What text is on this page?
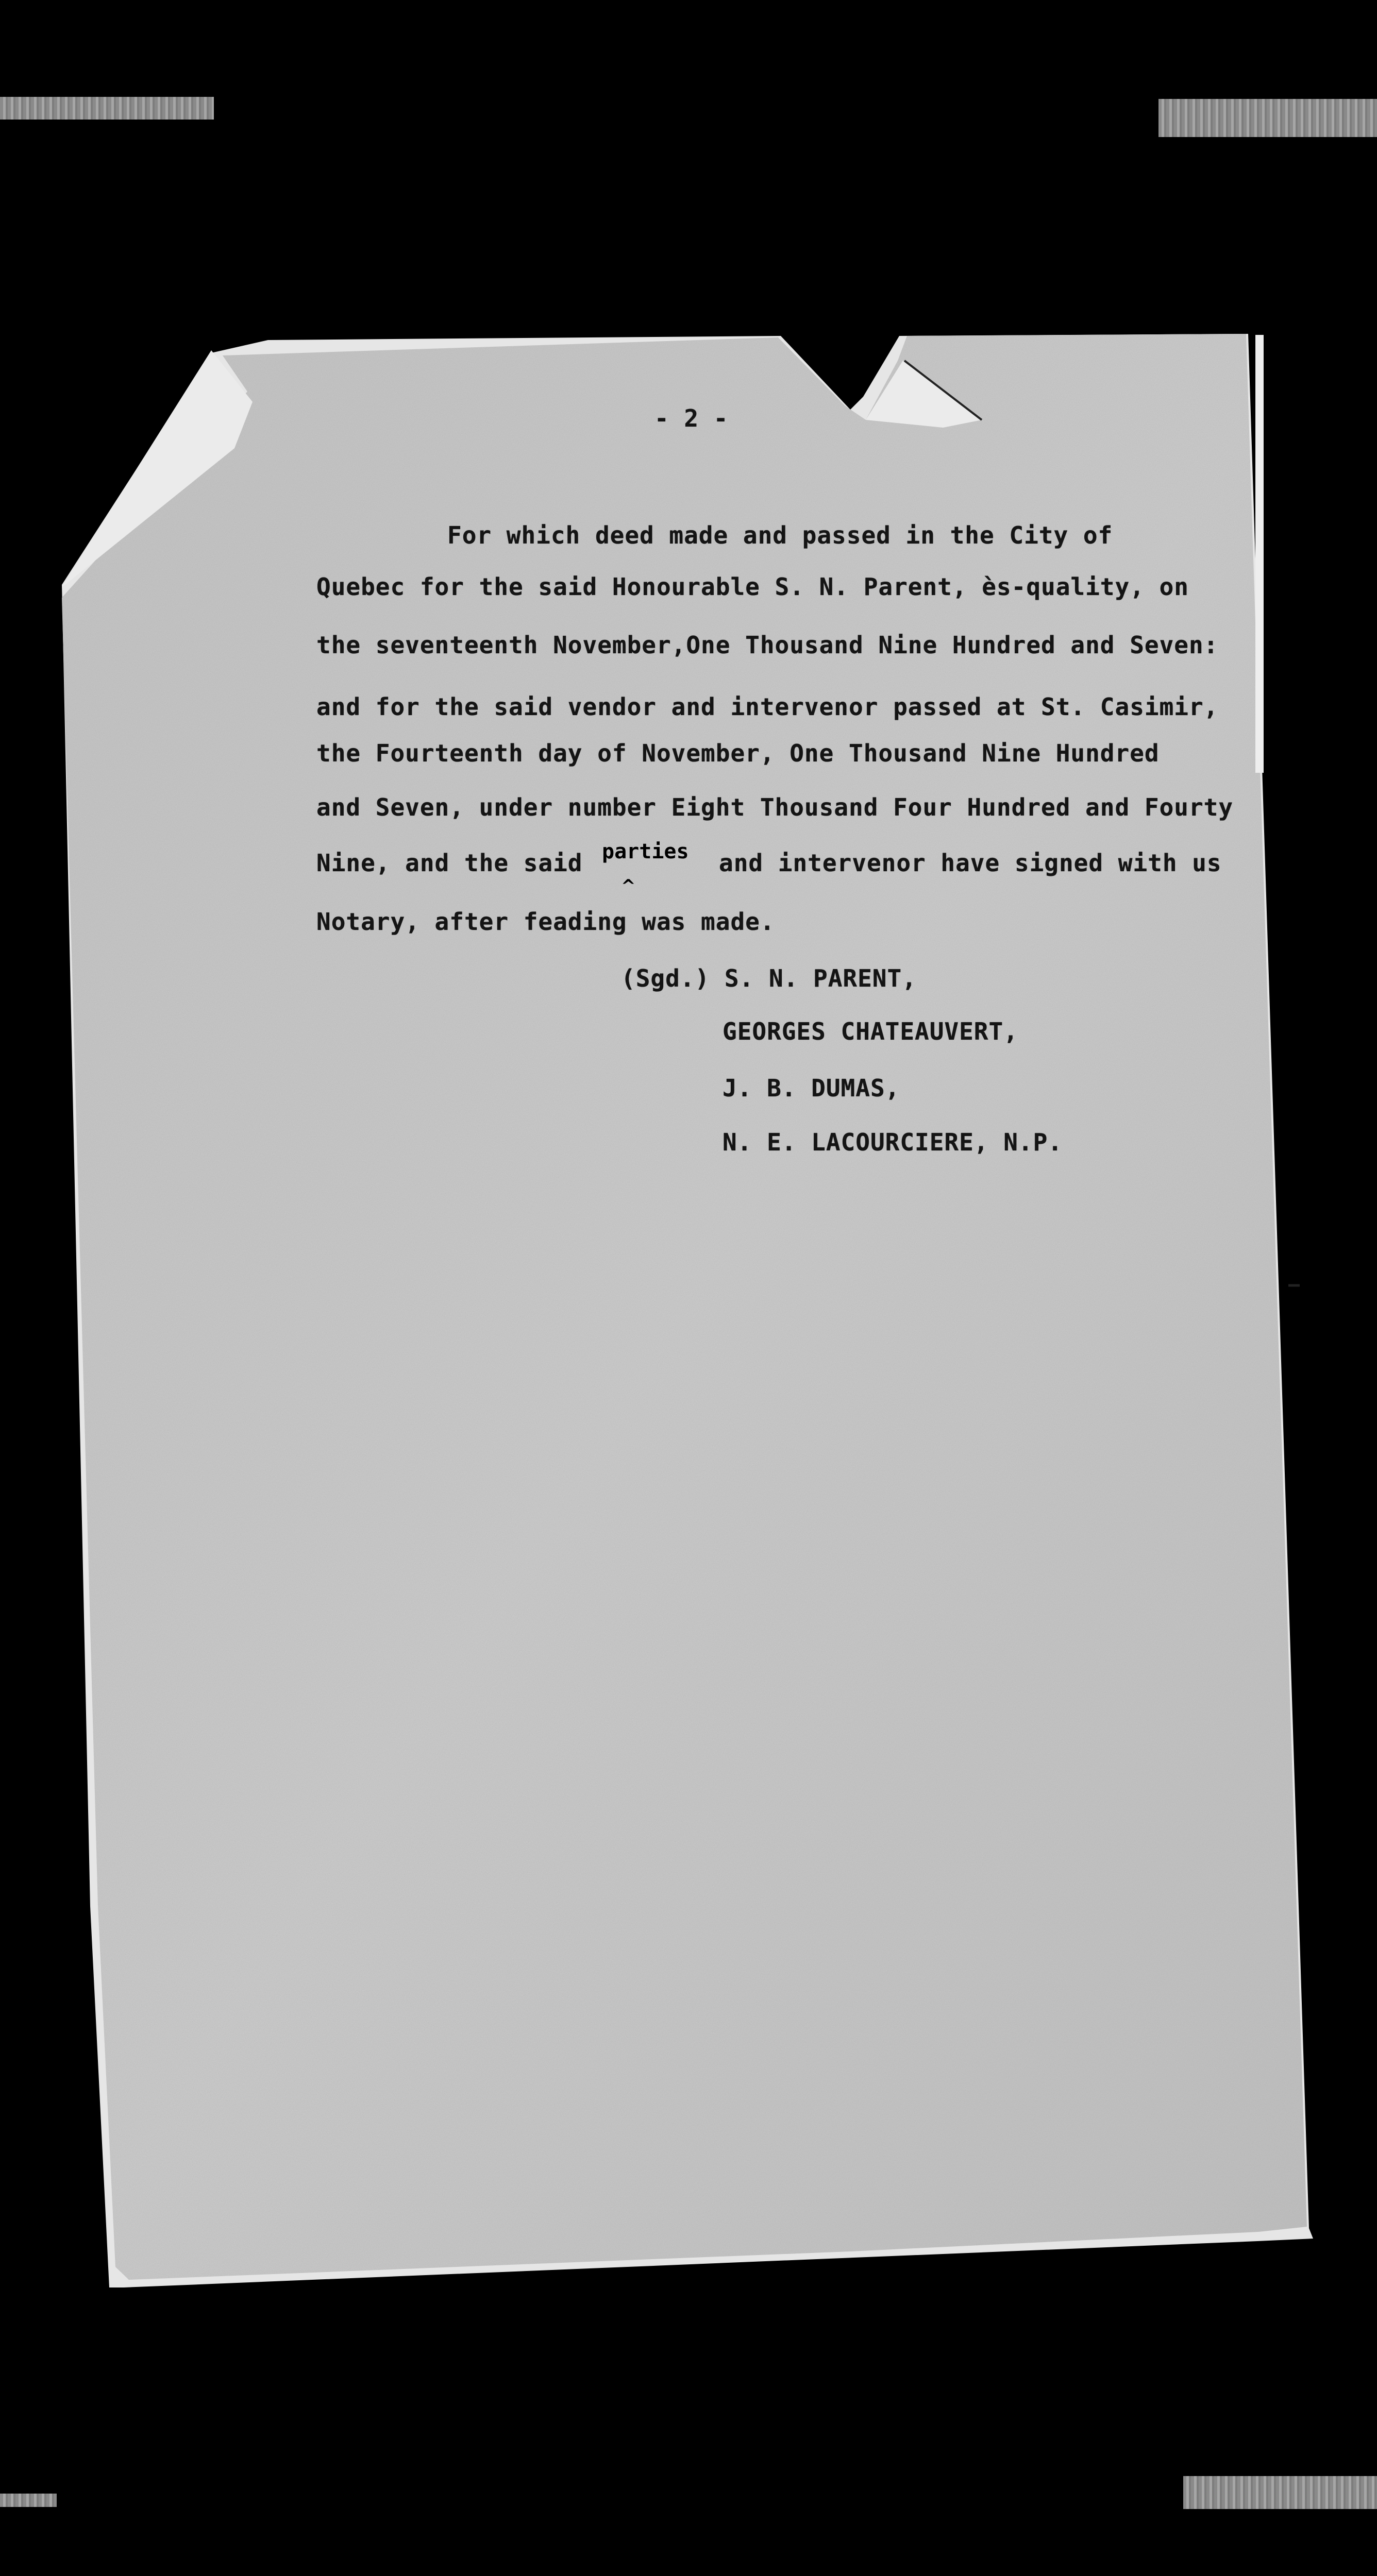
- 2 -
For which deed made and passed in the City of
Quebec for the said Honourable S. N. Parent, ès-quality, on
the seventeenth November,One Thousand Nine Hundred and Seven:
and for the said vendor and intervenor passed at St. Casimir,
the Fourteenth day of November, One Thousand Nine Hundred
and Seven, under number Eight Thousand Four Hundred and Fourty
Nine, and the said parties
^
and intervenor have signed with us
Notary, after feading was made.
(Sgd.) S. N. PARENT,
GEORGES CHATEAUVERT,
J. B. DUMAS,
N. E. LACOURCIERE, N.P.
